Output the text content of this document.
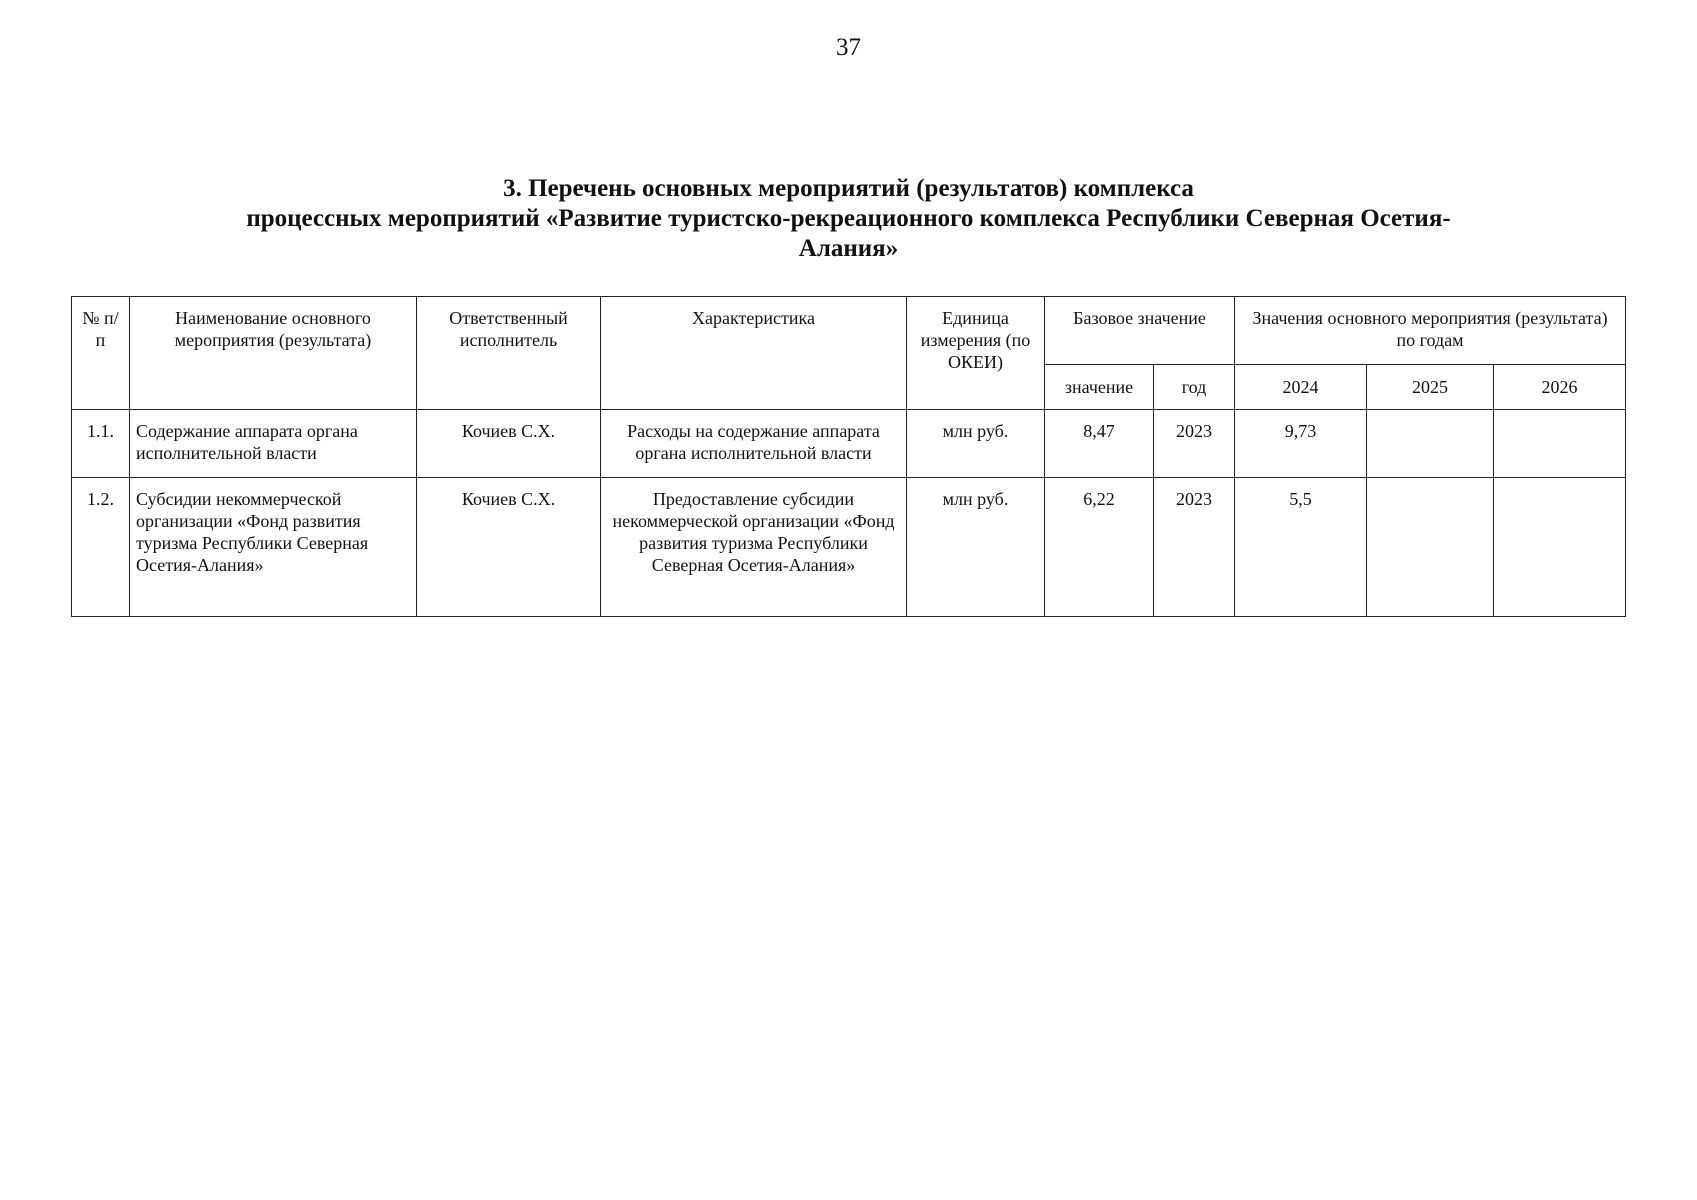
37
3. Перечень основных мероприятий (результатов) комплекса
процессных мероприятий «Развитие туристско-рекреационного комплекса Республики Северная Осетия-
Алания»
№ п/п	Наименование основного мероприятия (результата)	Ответственный исполнитель	Характеристика	Единица измерения (по ОКЕИ)	Базовое значение		Значения основного мероприятия (результата) по годам		
					значение	год	2024	2025	2026
1.1.	Содержание аппарата органа исполнительной власти	Кочиев С.Х.	Расходы на содержание аппарата органа исполнительной власти	млн руб.	8,47	2023	9,73		
1.2.	Субсидии некоммерческой организации «Фонд развития туризма Республики Северная Осетия-Алания»	Кочиев С.Х.	Предоставление субсидии некоммерческой организации «Фонд развития туризма Республики Северная Осетия-Алания»	млн руб.	6,22	2023	5,5		
